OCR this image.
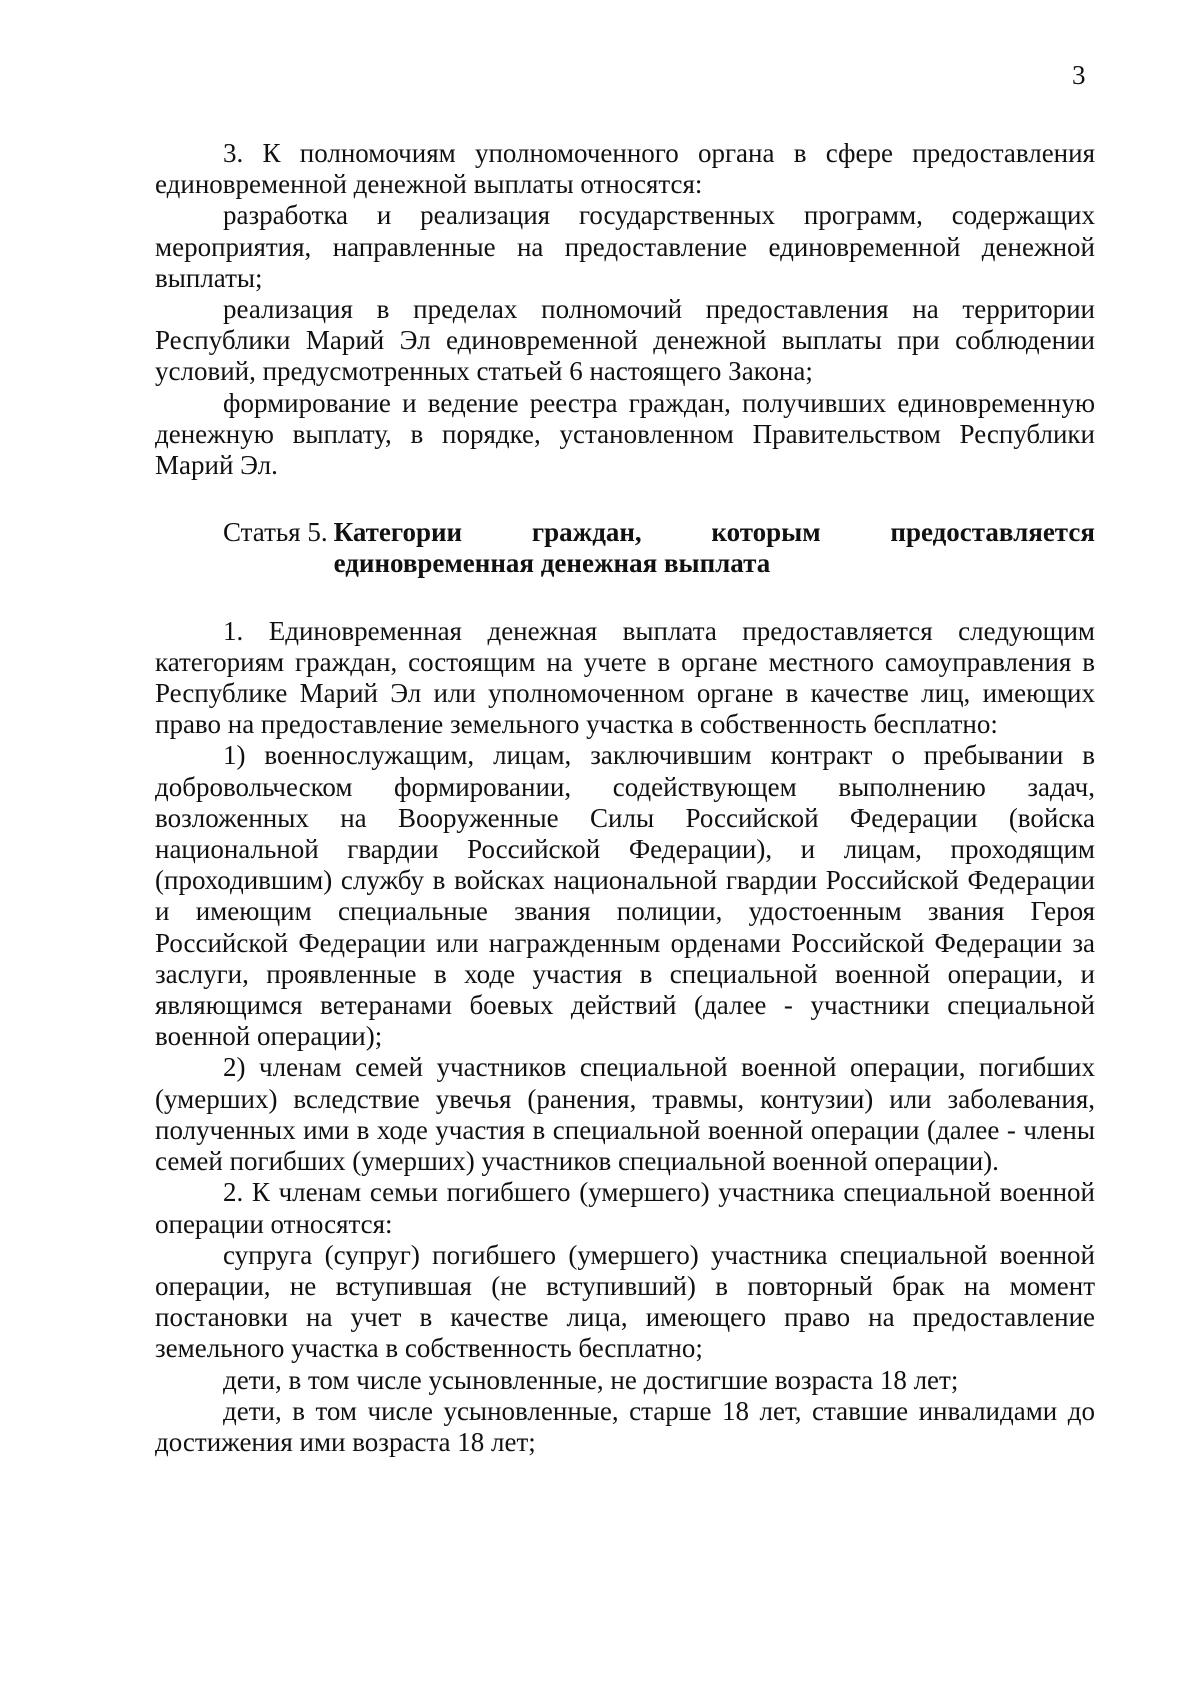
3

3. К полномочиям уполномоченного органа в сфере предоставления единовременной денежной выплаты относятся:

разработка и реализация государственных программ, содержащих мероприятия, направленные на предоставление единовременной денежной выплаты;

реализация в пределах полномочий предоставления на территории Республики Марий Эл единовременной денежной выплаты при соблюдении условий, предусмотренных статьей 6 настоящего Закона;

формирование и ведение реестра граждан, получивших единовременную денежную выплату, в порядке, установленном Правительством Республики Марий Эл.

Статья 5. Категории граждан, которым предоставляется единовременная денежная выплата

1. Единовременная денежная выплата предоставляется следующим категориям граждан, состоящим на учете в органе местного самоуправления в Республике Марий Эл или уполномоченном органе в качестве лиц, имеющих право на предоставление земельного участка в собственность бесплатно:

1) военнослужащим, лицам, заключившим контракт о пребывании в добровольческом формировании, содействующем выполнению задач, возложенных на Вооруженные Силы Российской Федерации (войска национальной гвардии Российской Федерации), и лицам, проходящим (проходившим) службу в войсках национальной гвардии Российской Федерации и имеющим специальные звания полиции, удостоенным звания Героя Российской Федерации или награжденным орденами Российской Федерации за заслуги, проявленные в ходе участия в специальной военной операции, и являющимся ветеранами боевых действий (далее - участники специальной военной операции);

2) членам семей участников специальной военной операции, погибших (умерших) вследствие увечья (ранения, травмы, контузии) или заболевания, полученных ими в ходе участия в специальной военной операции (далее - члены семей погибших (умерших) участников специальной военной операции).

2. К членам семьи погибшего (умершего) участника специальной военной операции относятся:

супруга (супруг) погибшего (умершего) участника специальной военной операции, не вступившая (не вступивший) в повторный брак на момент постановки на учет в качестве лица, имеющего право на предоставление земельного участка в собственность бесплатно;

дети, в том числе усыновленные, не достигшие возраста 18 лет;

дети, в том числе усыновленные, старше 18 лет, ставшие инвалидами до достижения ими возраста 18 лет;
